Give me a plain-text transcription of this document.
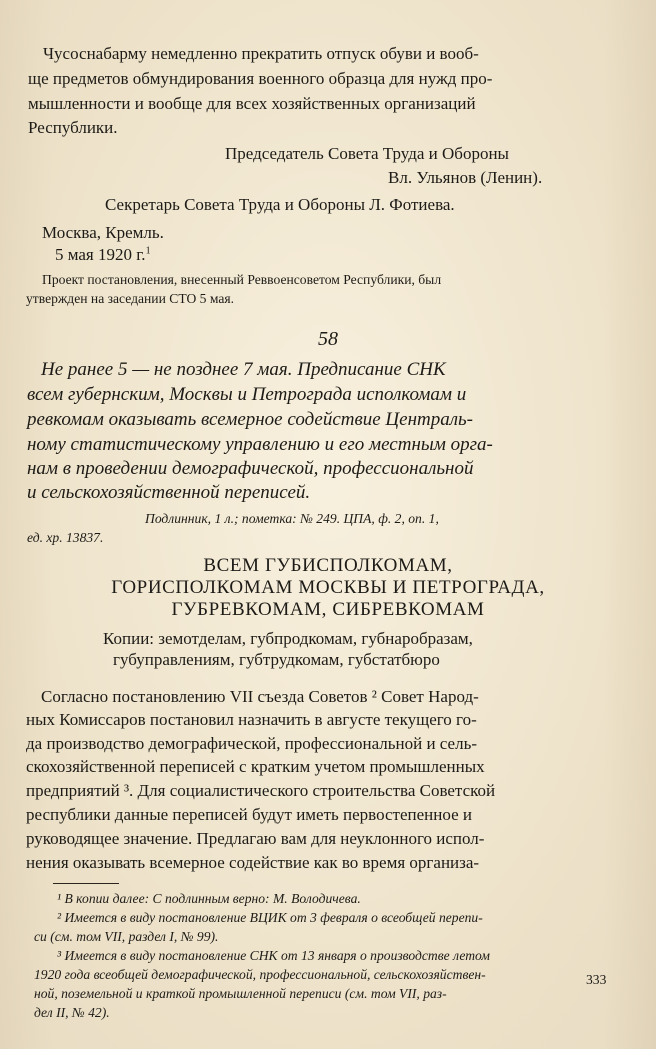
Чусоснабарму немедленно прекратить отпуск обуви и вооб-
ще предметов обмундирования военного образца для нужд про-
мышленности и вообще для всех хозяйственных организаций
Республики.
Председатель Совета Труда и Обороны
Вл. Ульянов (Ленин).
Секретарь Совета Труда и Обороны Л. Фотиева.
Москва, Кремль.
5 мая 1920 г.$^1$
Проект постановления, внесенный Реввоенсоветом Республики, был
утвержден на заседании СТО 5 мая.
58
Не ранее 5 — не позднее 7 мая. Предписание СНК
всем губернским, Москвы и Петрограда исполкомам и
ревкомам оказывать всемерное содействие Централь-
ному статистическому управлению и его местным орга-
нам в проведении демографической, профессиональной
и сельскохозяйственной переписей.
Подлинник, 1 л.; пометка: № 249. ЦПА, ф. 2, оп. 1,
ед. хр. 13837.
ВСЕМ ГУБИСПОЛКОМАМ,
ГОРИСПОЛКОМАМ МОСКВЫ И ПЕТРОГРАДА,
ГУБРЕВКОМАМ, СИБРЕВКОМАМ
Копии: земотделам, губпродкомам, губнаробразам,
губуправлениям, губтрудкомам, губстатбюро
Согласно постановлению VII съезда Советов ² Совет Народ-
ных Комиссаров постановил назначить в августе текущего го-
да производство демографической, профессиональной и сель-
скохозяйственной переписей с кратким учетом промышленных
предприятий ³. Для социалистического строительства Советской
республики данные переписей будут иметь первостепенное и
руководящее значение. Предлагаю вам для неуклонного испол-
нения оказывать всемерное содействие как во время организа-
¹ В копии далее: С подлинным верно: М. Володичева.
² Имеется в виду постановление ВЦИК от 3 февраля о всеобщей перепи-
си (см. том VII, раздел I, № 99).
³ Имеется в виду постановление СНК от 13 января о производстве летом
1920 года всеобщей демографической, профессиональной, сельскохозяйствен-
ной, поземельной и краткой промышленной переписи (см. том VII, раз-
дел II, № 42).
333
